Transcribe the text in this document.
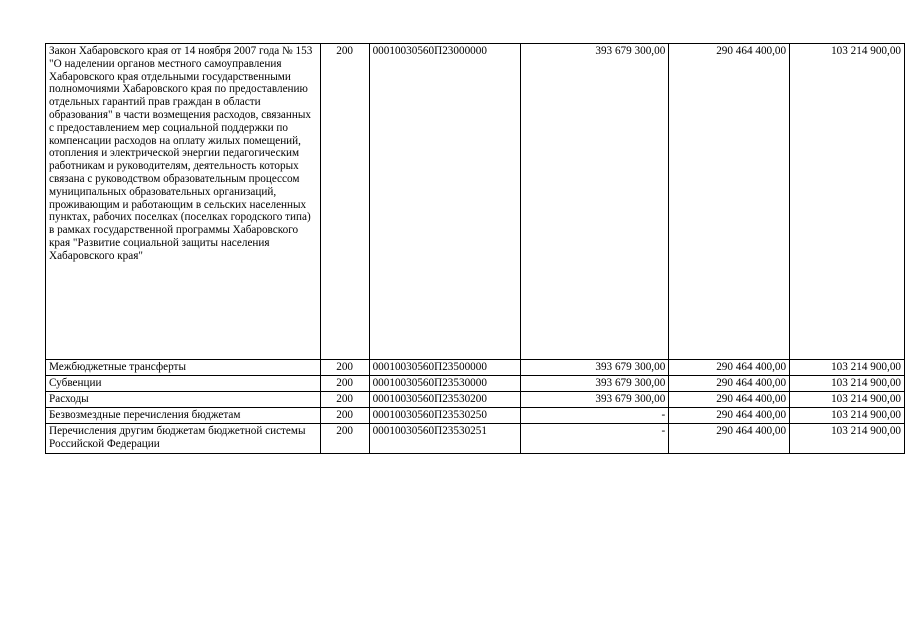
Закон Хабаровского края от 14 ноября 2007 года № 153 "О наделении органов местного самоуправления Хабаровского края отдельными государственными полномочиями Хабаровского края по предоставлению отдельных гарантий прав граждан в области образования" в части возмещения расходов, связанных с предоставлением мер социальной поддержки по компенсации расходов на оплату жилых помещений, отопления и электрической энергии педагогическим работникам и руководителям, деятельность которых связана с руководством образовательным процессом муниципальных образовательных организаций, проживающим и работающим в сельских населенных пунктах, рабочих поселках (поселках городского типа) в рамках государственной программы Хабаровского края "Развитие социальной защиты населения Хабаровского края"	200	00010030560П23000000	393 679 300,00	290 464 400,00	103 214 900,00
Межбюджетные трансферты	200	00010030560П23500000	393 679 300,00	290 464 400,00	103 214 900,00
Субвенции	200	00010030560П23530000	393 679 300,00	290 464 400,00	103 214 900,00
Расходы	200	00010030560П23530200	393 679 300,00	290 464 400,00	103 214 900,00
Безвозмездные перечисления бюджетам	200	00010030560П23530250	-	290 464 400,00	103 214 900,00
Перечисления другим бюджетам бюджетной системы Российской Федерации	200	00010030560П23530251	-	290 464 400,00	103 214 900,00
